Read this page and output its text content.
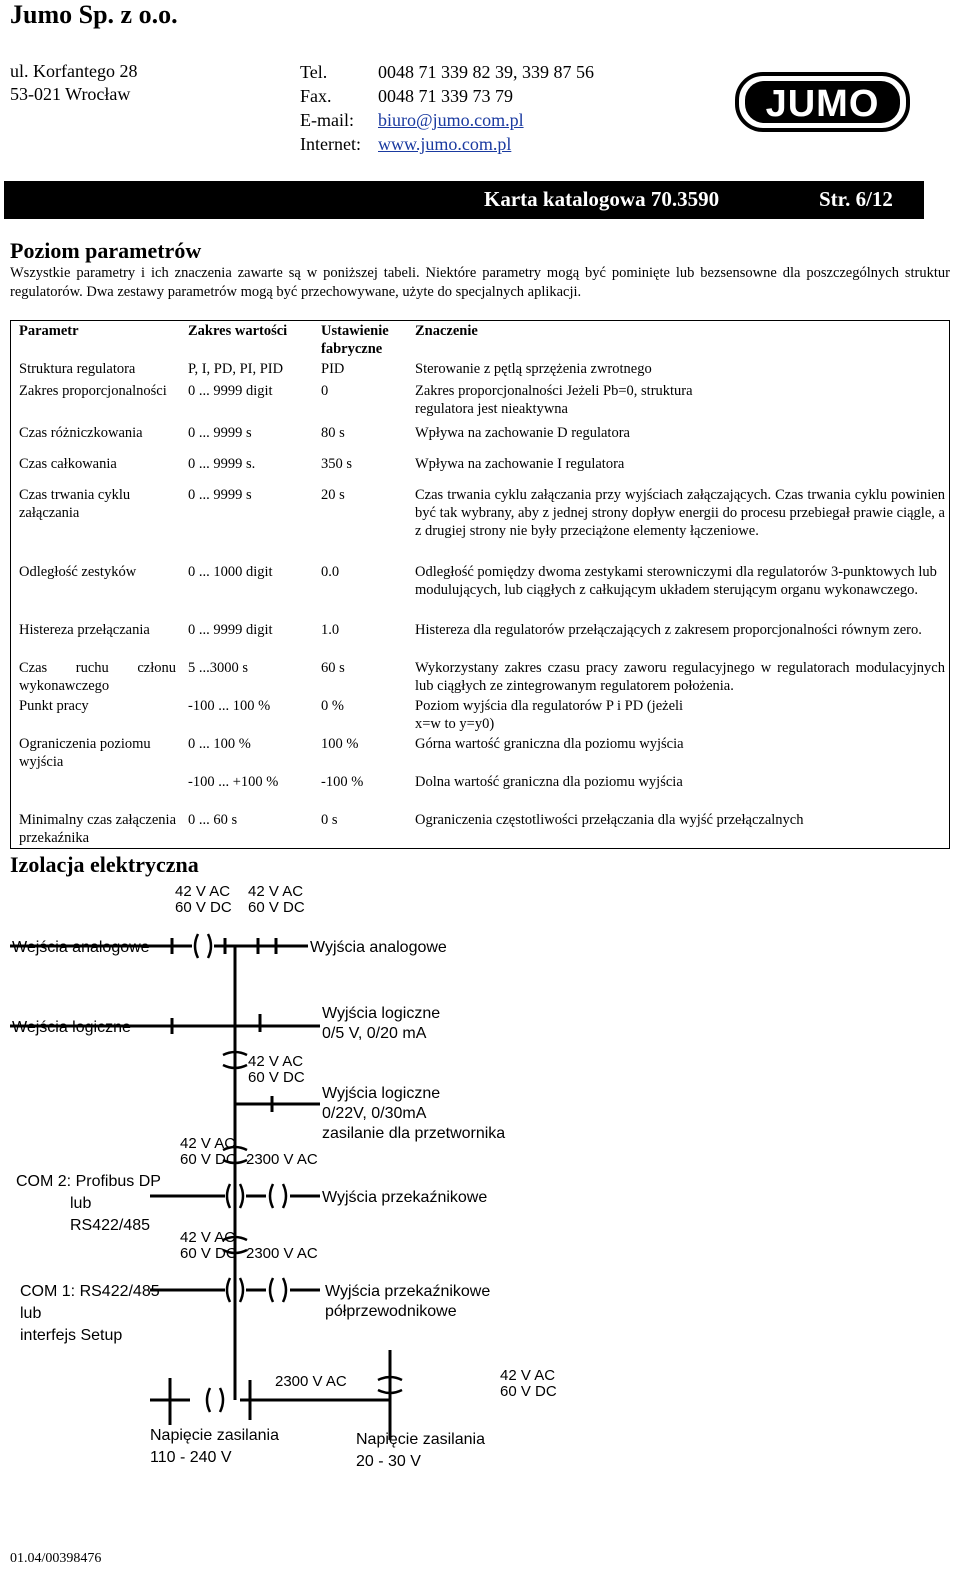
Jumo Sp. z o.o.
ul. Korfantego 28
53-021 Wrocław
Tel.	0048 71 339 82 39, 339 87 56
Fax.	0048 71 339 73 79
E-mail:	biuro@jumo.com.pl
Internet: www.jumo.com.pl
JUMO
Karta katalogowa 70.3590	Str. 6/12
Poziom parametrów
Wszystkie parametry i ich znaczenia zawarte są w poniższej tabeli. Niektóre parametry mogą być pominięte lub bezsensowne dla poszczególnych struktur regulatorów. Dwa zestawy parametrów mogą być przechowywane, użyte do specjalnych aplikacji.
Parametr	Zakres wartości	Ustawienie fabryczne	Znaczenie
Struktura regulatora	P, I, PD, PI, PID	PID	Sterowanie z pętlą sprzężenia zwrotnego
Zakres proporcjonalności	0 ... 9999 digit	0	Zakres proporcjonalności Jeżeli Pb=0, struktura regulatora jest nieaktywna
Czas różniczkowania	0 ... 9999 s	80 s	Wpływa na zachowanie D regulatora
Czas całkowania	0 ... 9999 s.	350 s	Wpływa na zachowanie I regulatora
Czas trwania cyklu załączania	0 ... 9999 s	20 s	Czas trwania cyklu załączania przy wyjściach załączających. Czas trwania cyklu powinien być tak wybrany, aby z jednej strony dopływ energii do procesu przebiegał prawie ciągle, a z drugiej strony nie były przeciążone elementy łączeniowe.
Odległość zestyków	0 ... 1000 digit	0.0	Odległość pomiędzy dwoma zestykami sterowniczymi dla regulatorów 3-punktowych lub modulujących, lub ciągłych z całkującym układem sterującym organu wykonawczego.
Histereza przełączania	0 ... 9999 digit	1.0	Histereza dla regulatorów przełączających z zakresem proporcjonalności równym zero.
Czas ruchu członu wykonawczego	5 ...3000 s	60 s	Wykorzystany zakres czasu pracy zaworu regulacyjnego w regulatorach modulacyjnych lub ciągłych ze zintegrowanym regulatorem położenia.
Punkt pracy	-100 ... 100 %	0 %	Poziom wyjścia dla regulatorów P i PD (jeżeli x=w to y=y0)
Ograniczenia poziomu wyjścia	0 ... 100 %	100 %	Górna wartość graniczna dla poziomu wyjścia
	-100 ... +100 %	-100 %	Dolna wartość graniczna dla poziomu wyjścia
Minimalny czas załączenia przekaźnika	0 ... 60 s	0 s	Ograniczenia częstotliwości przełączania dla wyjść przełączalnych
Izolacja elektryczna
42 V AC
60 V DC
42 V AC
60 V DC
Wejścia analogowe	Wyjścia analogowe
Wejścia logiczne
Wyjścia logiczne
0/5 V, 0/20 mA
42 V AC
60 V DC
Wyjścia logiczne
0/22V, 0/30mA
zasilanie dla przetwornika
42 V AC
60 V DC 2300 V AC
COM 2: Profibus DP
lub
RS422/485
Wyjścia przekaźnikowe
42 V AC
60 V DC 2300 V AC
COM 1: RS422/485
lub
interfejs Setup
Wyjścia przekaźnikowe
półprzewodnikowe
2300 V AC	42 V AC
60 V DC
Napięcie zasilania
110 - 240 V
Napięcie zasilania
20 - 30 V
01.04/00398476
